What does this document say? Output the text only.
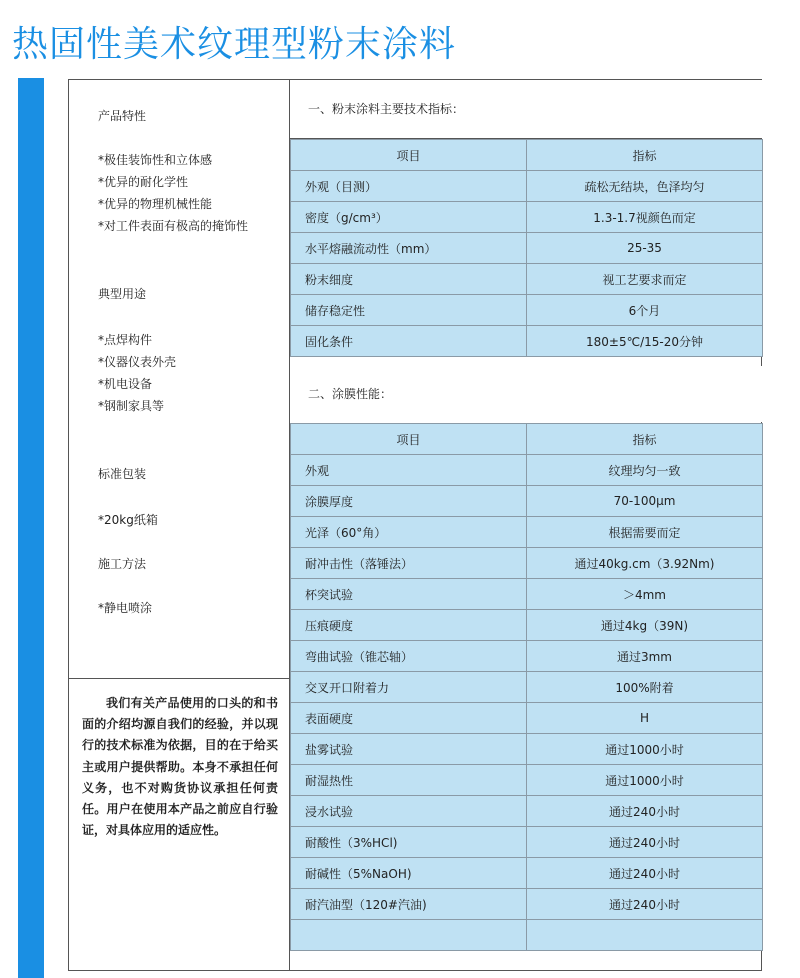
热固性美术纹理型粉末涂料
产品特性
*极佳装饰性和立体感
*优异的耐化学性
*优异的物理机械性能
*对工件表面有极高的掩饰性
典型用途
*点焊构件
*仪器仪表外壳
*机电设备
*钢制家具等
标准包装
*20kg纸箱
施工方法
*静电喷涂
我们有关产品使用的口头的和书面的介绍均源自我们的经验，并以现行的技术标准为依据，目的在于给买主或用户提供帮助。本身不承担任何义务，也不对购货协议承担任何责任。用户在使用本产品之前应自行验证，对具体应用的适应性。
一、粉末涂料主要技术指标：
项目	指标
外观（目测）	疏松无结块，色泽均匀
密度（g/cm³）	1.3-1.7视颜色而定
水平熔融流动性（mm）	25-35
粉末细度	视工艺要求而定
储存稳定性	6个月
固化条件	180±5℃/15-20分钟
二、涂膜性能：
项目	指标
外观	纹理均匀一致
涂膜厚度	70-100μm
光泽（60°角）	根据需要而定
耐冲击性（落锤法）	通过40kg.cm（3.92Nm)
杯突试验	＞4mm
压痕硬度	通过4kg（39N)
弯曲试验（锥芯轴）	通过3mm
交叉开口附着力	100%附着
表面硬度	H
盐雾试验	通过1000小时
耐湿热性	通过1000小时
浸水试验	通过240小时
耐酸性（3%HCl)	通过240小时
耐碱性（5%NaOH)	通过240小时
耐汽油型（120#汽油)	通过240小时
